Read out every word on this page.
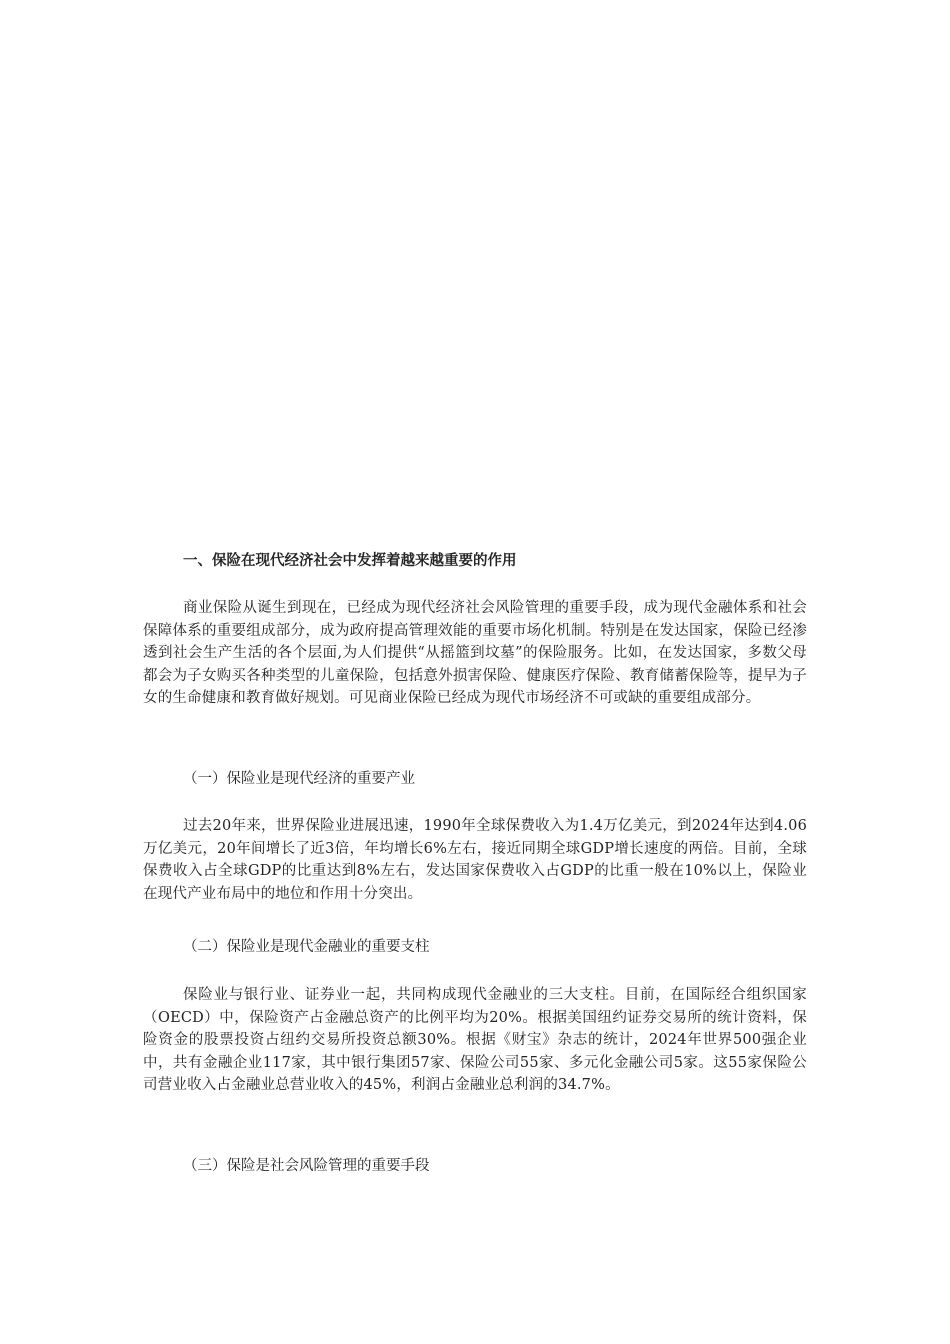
一、保险在现代经济社会中发挥着越来越重要的作用
商业保险从诞生到现在，已经成为现代经济社会风险管理的重要手段，成为现代金融体系和社会保障体系的重要组成部分，成为政府提高管理效能的重要市场化机制。特别是在发达国家，保险已经渗透到社会生产生活的各个层面,为人们提供“从摇篮到坟墓”的保险服务。比如，在发达国家，多数父母都会为子女购买各种类型的儿童保险，包括意外损害保险、健康医疗保险、教育储蓄保险等，提早为子女的生命健康和教育做好规划。可见商业保险已经成为现代市场经济不可或缺的重要组成部分。
（一）保险业是现代经济的重要产业
过去20年来，世界保险业进展迅速，1990年全球保费收入为1.4万亿美元，到2024年达到4.06万亿美元，20年间增长了近3倍，年均增长6%左右，接近同期全球GDP增长速度的两倍。目前，全球保费收入占全球GDP的比重达到8%左右，发达国家保费收入占GDP的比重一般在10%以上，保险业在现代产业布局中的地位和作用十分突出。
（二）保险业是现代金融业的重要支柱
保险业与银行业、证券业一起，共同构成现代金融业的三大支柱。目前，在国际经合组织国家（OECD）中，保险资产占金融总资产的比例平均为20%。根据美国纽约证券交易所的统计资料，保险资金的股票投资占纽约交易所投资总额30%。根据《财宝》杂志的统计，2024年世界500强企业中，共有金融企业117家，其中银行集团57家、保险公司55家、多元化金融公司5家。这55家保险公司营业收入占金融业总营业收入的45%，利润占金融业总利润的34.7%。
（三）保险是社会风险管理的重要手段
